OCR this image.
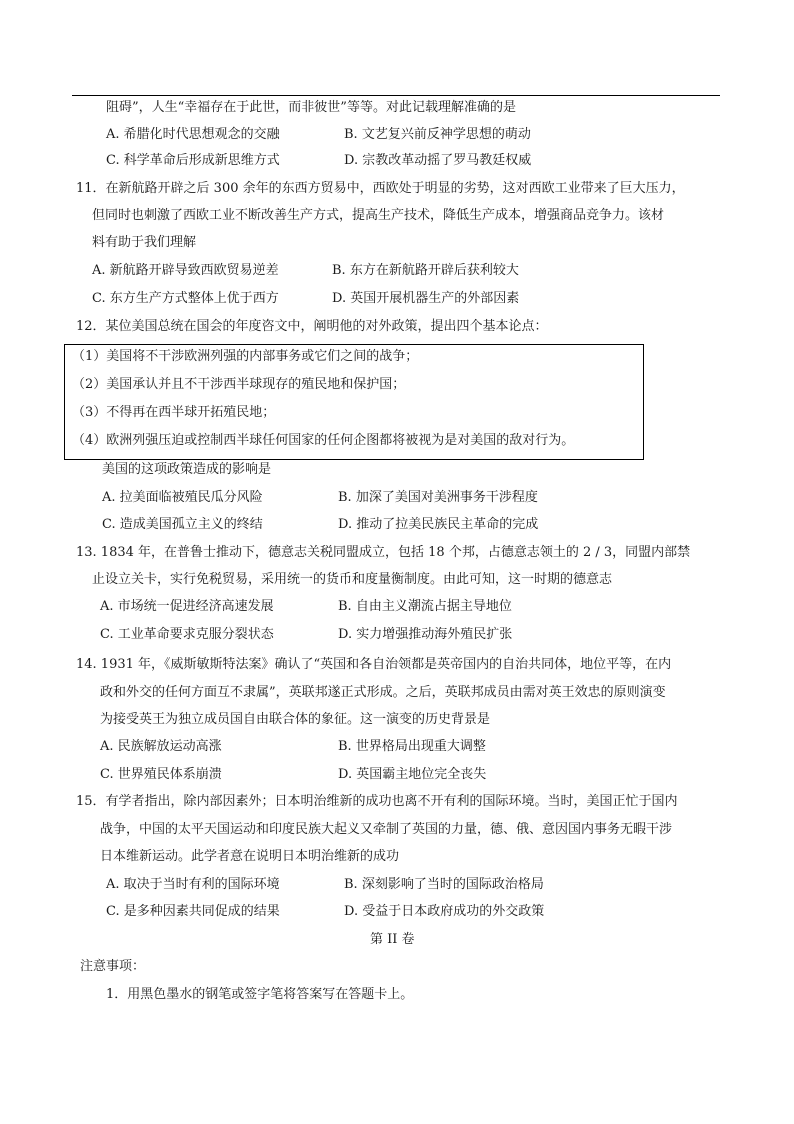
阻碍”，人生“幸福存在于此世，而非彼世”等等。对此记载理解准确的是
A. 希腊化时代思想观念的交融	B. 文艺复兴前反神学思想的萌动
C. 科学革命后形成新思维方式	D. 宗教改革动摇了罗马教廷权威
11．在新航路开辟之后 300 余年的东西方贸易中，西欧处于明显的劣势，这对西欧工业带来了巨大压力，
但同时也刺激了西欧工业不断改善生产方式，提高生产技术，降低生产成本，增强商品竞争力。该材
料有助于我们理解
A. 新航路开辟导致西欧贸易逆差	B. 东方在新航路开辟后获利较大
C. 东方生产方式整体上优于西方	D. 英国开展机器生产的外部因素
12．某位美国总统在国会的年度咨文中，阐明他的对外政策，提出四个基本论点：
（1）美国将不干涉欧洲列强的内部事务或它们之间的战争；
（2）美国承认并且不干涉西半球现存的殖民地和保护国；
（3）不得再在西半球开拓殖民地；
（4）欧洲列强压迫或控制西半球任何国家的任何企图都将被视为是对美国的敌对行为。
美国的这项政策造成的影响是
A. 拉美面临被殖民瓜分风险	B. 加深了美国对美洲事务干涉程度
C. 造成美国孤立主义的终结	D. 推动了拉美民族民主革命的完成
13. 1834 年，在普鲁士推动下，德意志关税同盟成立，包括 18 个邦，占德意志领土的 2 / 3，同盟内部禁
止设立关卡，实行免税贸易，采用统一的货币和度量衡制度。由此可知，这一时期的德意志
A. 市场统一促进经济高速发展	B. 自由主义潮流占据主导地位
C. 工业革命要求克服分裂状态	D. 实力增强推动海外殖民扩张
14. 1931 年，《威斯敏斯特法案》确认了“英国和各自治领都是英帝国内的自治共同体，地位平等，在内
政和外交的任何方面互不隶属”，英联邦遂正式形成。之后，英联邦成员由需对英王效忠的原则演变
为接受英王为独立成员国自由联合体的象征。这一演变的历史背景是
A. 民族解放运动高涨	B. 世界格局出现重大调整
C. 世界殖民体系崩溃	D. 英国霸主地位完全丧失
15．有学者指出，除内部因素外；日本明治维新的成功也离不开有利的国际环境。当时，美国正忙于国内
战争，中国的太平天国运动和印度民族大起义又牵制了英国的力量，德、俄、意因国内事务无暇干涉
日本维新运动。此学者意在说明日本明治维新的成功
A. 取决于当时有利的国际环境	B. 深刻影响了当时的国际政治格局
C. 是多种因素共同促成的结果	D. 受益于日本政府成功的外交政策
第 II 卷
注意事项：
1．用黑色墨水的钢笔或签字笔将答案写在答题卡上。
